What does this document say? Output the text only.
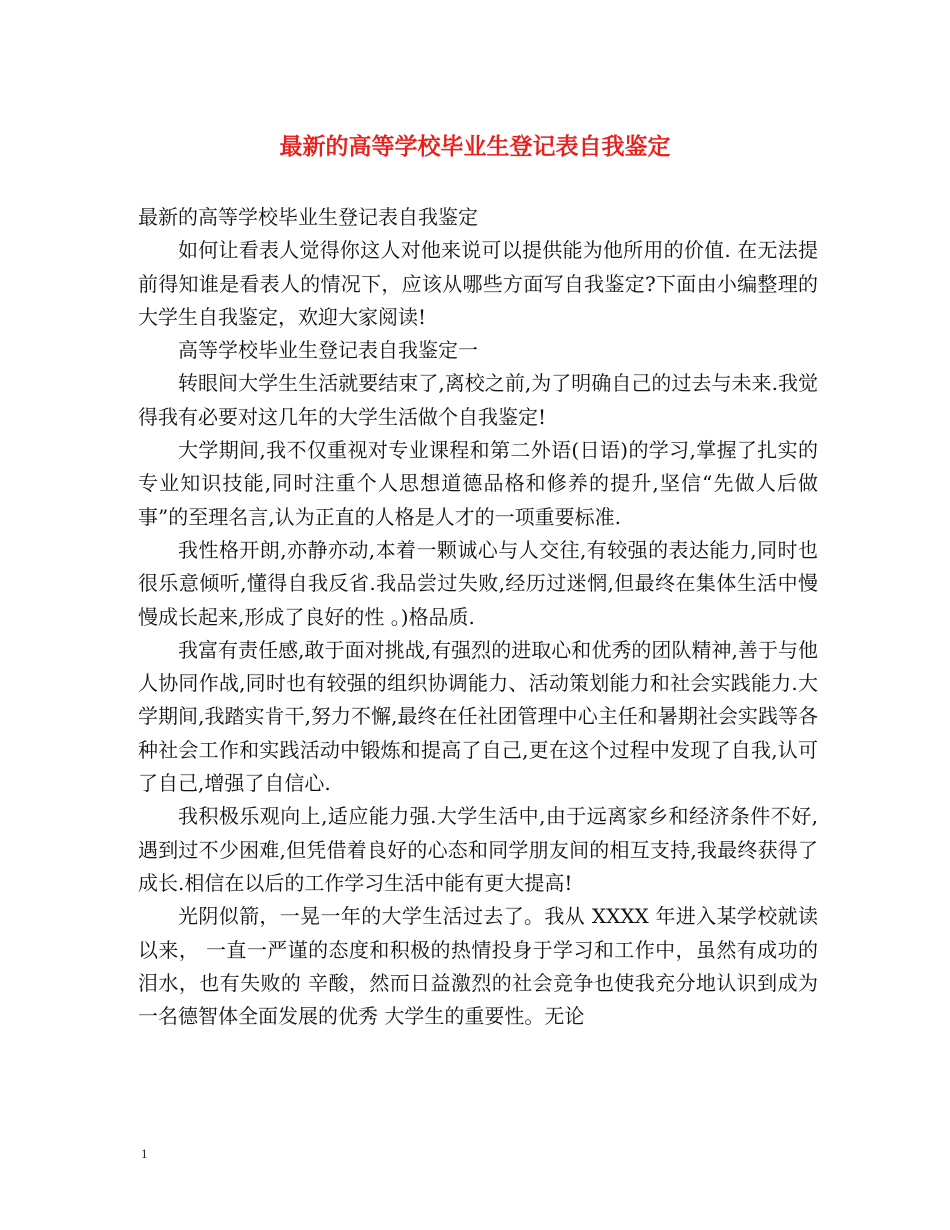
最新的高等学校毕业生登记表自我鉴定

最新的高等学校毕业生登记表自我鉴定

如何让看表人觉得你这人对他来说可以提供能为他所用的价值. 在无法提前得知谁是看表人的情况下，应该从哪些方面写自我鉴定?下面由小编整理的大学生自我鉴定，欢迎大家阅读!

高等学校毕业生登记表自我鉴定一

转眼间大学生生活就要结束了,离校之前,为了明确自己的过去与未来.我觉得我有必要对这几年的大学生活做个自我鉴定!

大学期间,我不仅重视对专业课程和第二外语(日语)的学习,掌握了扎实的专业知识技能,同时注重个人思想道德品格和修养的提升,坚信“先做人后做事”的至理名言,认为正直的人格是人才的一项重要标准.

我性格开朗,亦静亦动,本着一颗诚心与人交往,有较强的表达能力,同时也很乐意倾听,懂得自我反省.我品尝过失败,经历过迷惘,但最终在集体生活中慢慢成长起来,形成了良好的性 。)格品质.

我富有责任感,敢于面对挑战,有强烈的进取心和优秀的团队精神,善于与他人协同作战,同时也有较强的组织协调能力、活动策划能力和社会实践能力.大学期间,我踏实肯干,努力不懈,最终在任社团管理中心主任和暑期社会实践等各种社会工作和实践活动中锻炼和提高了自己,更在这个过程中发现了自我,认可了自己,增强了自信心.

我积极乐观向上,适应能力强.大学生活中,由于远离家乡和经济条件不好,遇到过不少困难,但凭借着良好的心态和同学朋友间的相互支持,我最终获得了成长.相信在以后的工作学习生活中能有更大提高!

光阴似箭，一晃一年的大学生活过去了。我从 XXXX 年进入某学校就读以来， 一直一严谨的态度和积极的热情投身于学习和工作中，虽然有成功的泪水，也有失败的 辛酸，然而日益激烈的社会竞争也使我充分地认识到成为一名德智体全面发展的优秀 大学生的重要性。无论

1
